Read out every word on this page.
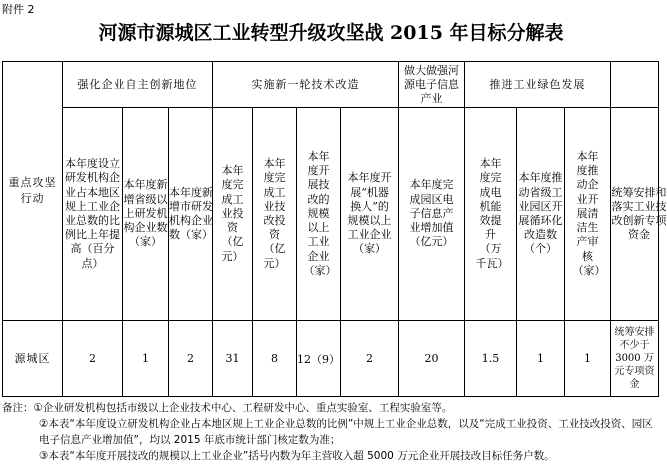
附件 2
河源市源城区工业转型升级攻坚战 2015 年目标分解表
重点攻坚行动	强化企业自主创新地位			实施新一轮技术改造				做大做强河源电子信息产业	推进工业绿色发展			
	本年度设立研发机构企业占本地区规上工业企业总数的比例比上年提高（百分点）	本年度新增省级以上研发机构企业数（家）	本年度新增市研发机构企业数（家）	本年度完成工业投资（亿元）	本年度完成工业技改投资（亿元）	本年度开展技改的规模以上工业企业（家）	本年度开展“机器换人”的规模以上工业企业（家）	本年度完成园区电子信息产业增加值（亿元）	本年度完成电机能效提升（万千瓦）	本年度推动省级工业园区开展循环化改造数（个）	本年度推动企业开展清洁生产审核（家）	统筹安排和落实工业技改创新专项资金
源城区	2	1	2	31	8	12（9）	2	20	1.5	1	1	统筹安排不少于 3000 万元专项资金
备注：①企业研发机构包括市级以上企业技术中心、工程研发中心、重点实验室、工程实验室等。
②本表“本年度设立研发机构企业占本地区规上工业企业总数的比例”中规上工业企业总数，以及“完成工业投资、工业技改投资、园区电子信息产业增加值”，均以 2015 年底市统计部门核定数为准；
③本表“本年度开展技改的规模以上工业企业”括号内数为年主营收入超 5000 万元企业开展技改目标任务户数。
